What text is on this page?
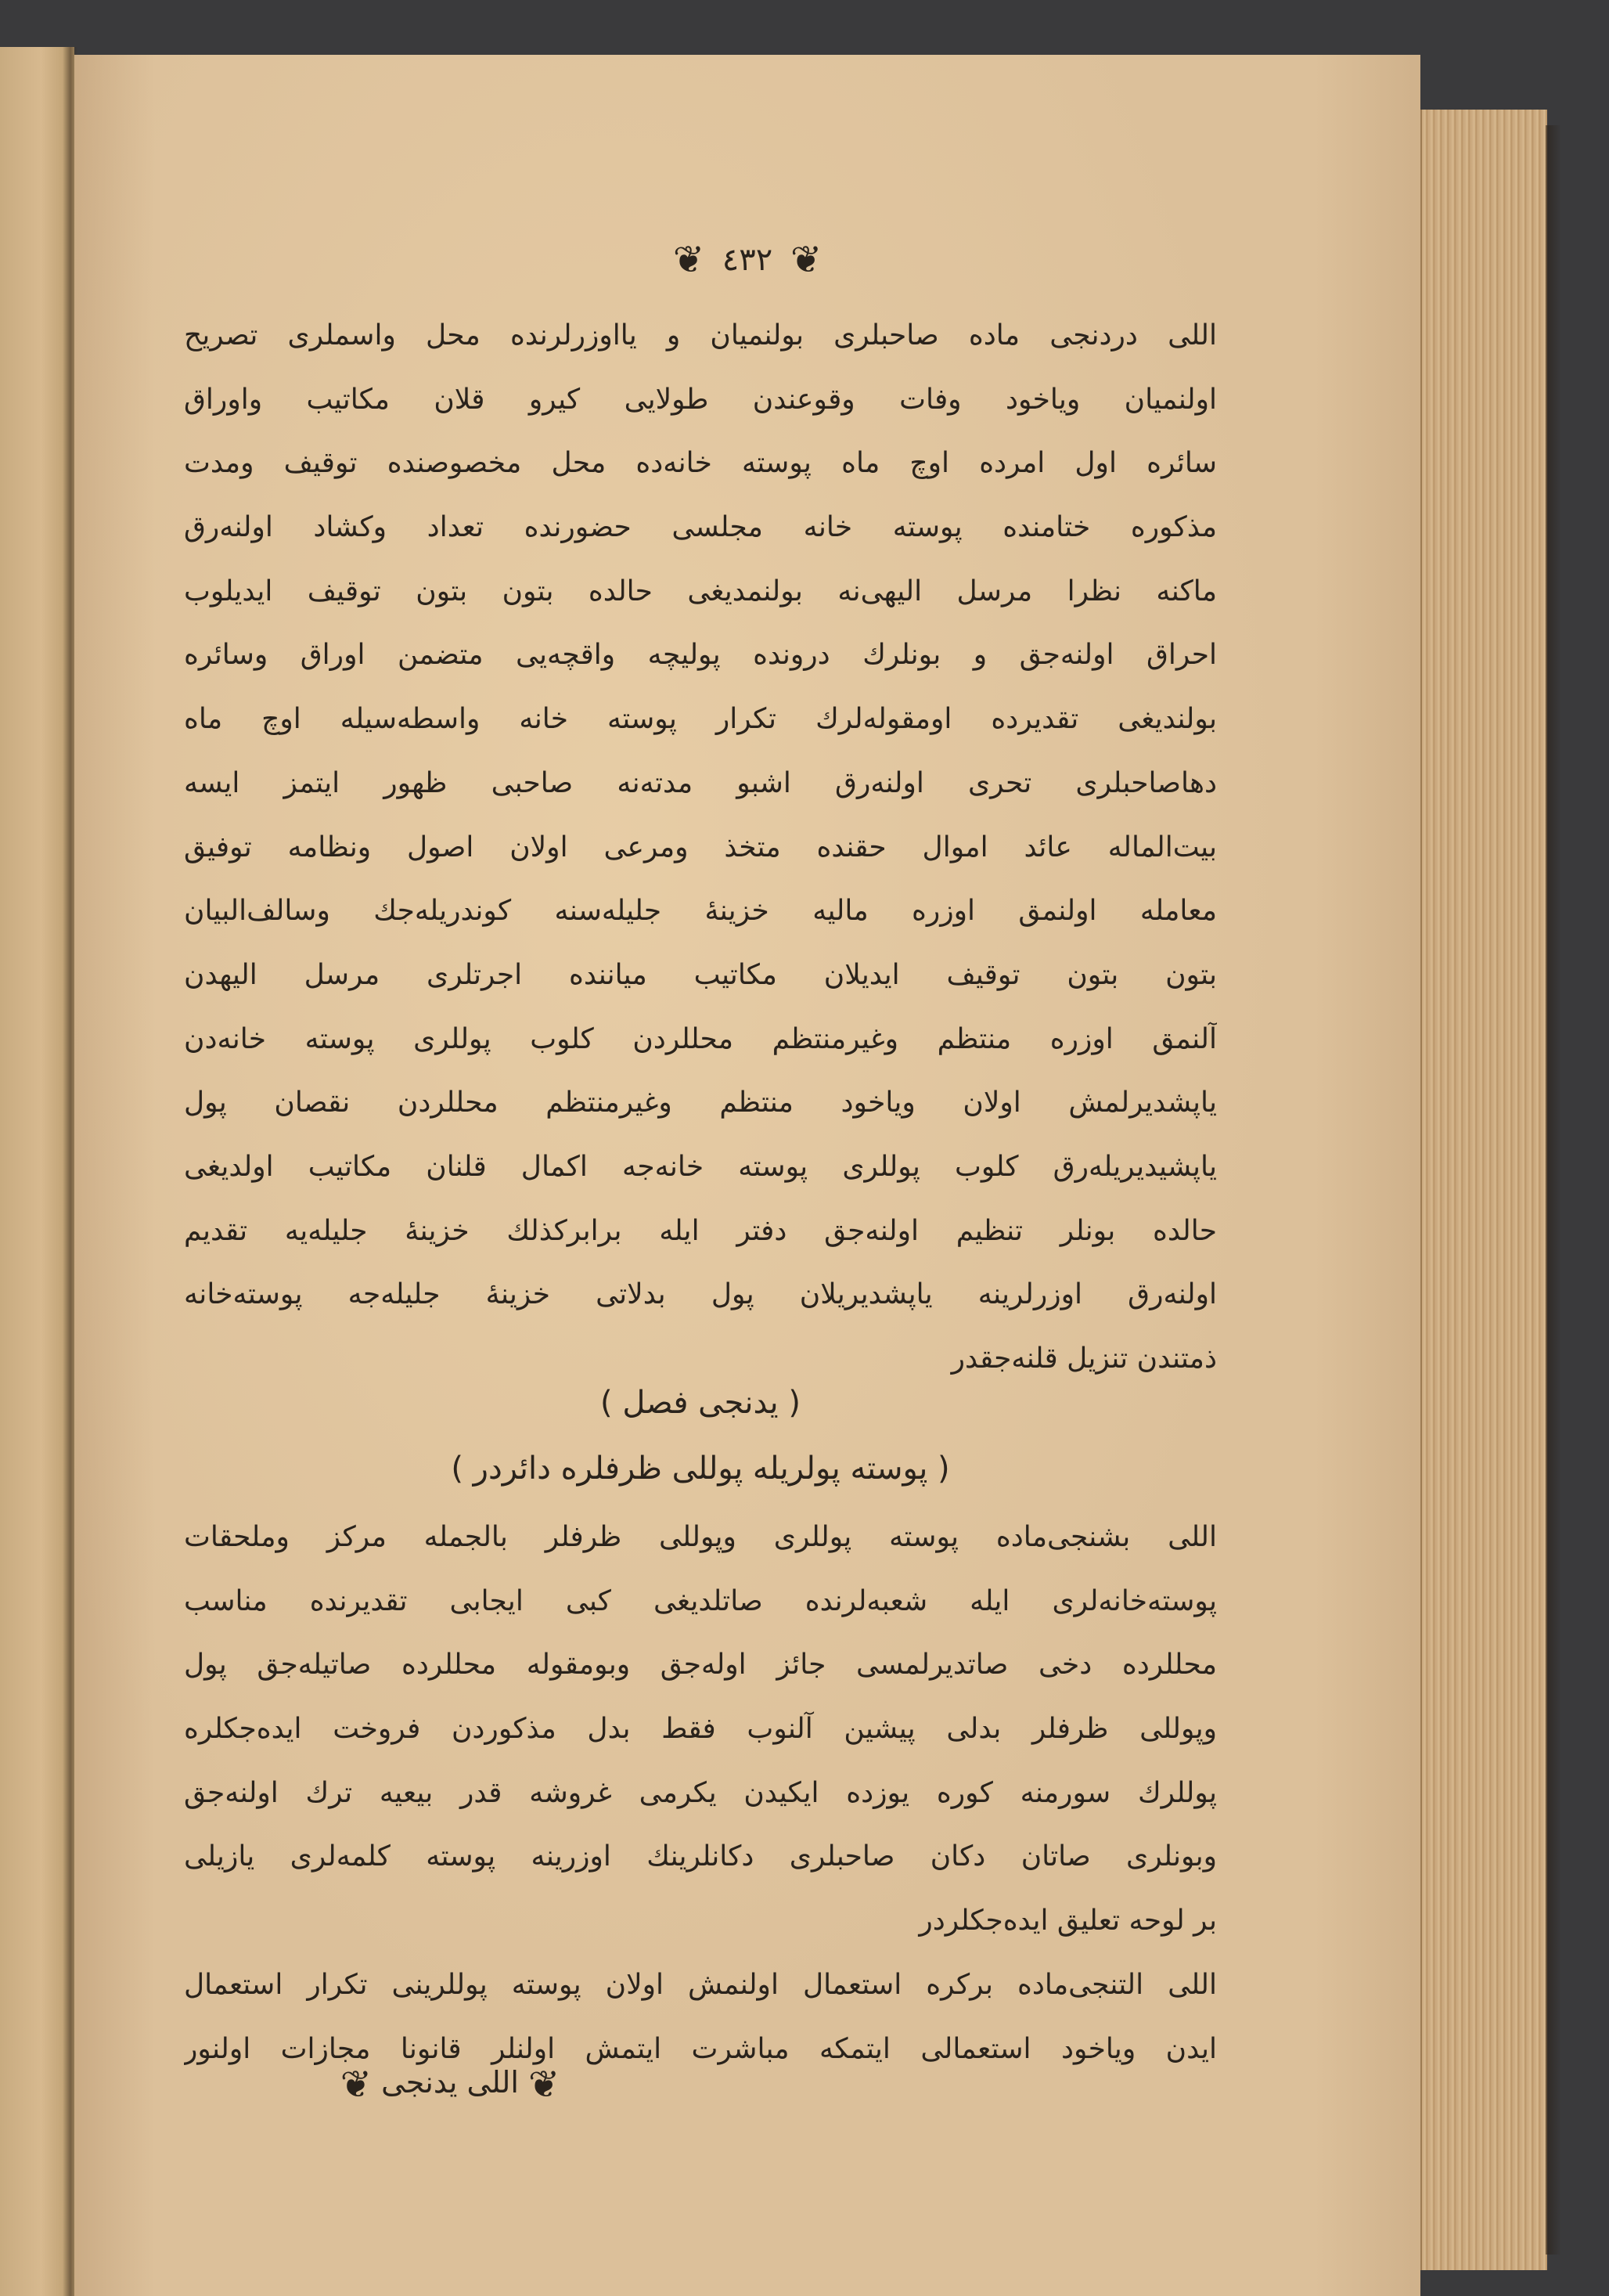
❦ ٤٣٢ ❦
اللی دردنجی ماده صاحبلری بولنمیان و یااوزرلرنده محل واسملری تصریح
اولنمیان ویاخود وفات وقوعندن طولایی کیرو قلان مکاتیب واوراق
سائره اول امرده اوچ ماه پوسته خانه‌ده محل مخصوصنده توقیف ومدت
مذکوره ختامنده پوسته خانه مجلسی حضورنده تعداد وکشاد اولنه‌رق
ماکنه نظرا مرسل الیهی‌نه بولنمدیغی حالده بتون بتون توقیف ایدیلوب
احراق اولنه‌جق و بونلرك درونده پولیچه واقچه‌یی متضمن اوراق وسائره
بولندیغی تقدیرده اومقوله‌لرك تکرار پوسته خانه واسطه‌سیله اوچ ماه
دهاصاحبلری تحری اولنه‌رق اشبو مدته‌نه صاحبی ظهور ایتمز ایسه
بیت‌الماله عائد اموال حقنده متخذ ومرعی اولان اصول ونظامه توفیق
معامله اولنمق اوزره مالیه خزینهٔ جلیله‌سنه کوندریله‌جك وسالف‌البیان
بتون بتون توقیف ایدیلان مکاتیب میاننده اجرتلری مرسل الیهدن
آلنمق اوزره منتظم وغیرمنتظم محللردن کلوب پوللری پوسته خانه‌دن
یاپشدیرلمش اولان ویاخود منتظم وغیرمنتظم محللردن نقصان پول
یاپشیدیریله‌رق کلوب پوللری پوسته خانه‌جه اکمال قلنان مکاتیب اولدیغی
حالده بونلر تنظیم اولنه‌جق دفتر ایله برابرکذلك خزینهٔ جلیله‌یه تقدیم
اولنه‌رق اوزرلرینه یاپشدیریلان پول بدلاتی خزینهٔ جلیله‌جه پوسته‌خانه
ذمتندن تنزیل قلنه‌جقدر
( یدنجی فصل )
( پوسته پولریله پوللی ظرفلره دائردر )
اللی بشنجی‌ماده پوسته پوللری وپوللی ظرفلر بالجمله مرکز وملحقات
پوسته‌خانه‌لری ایله شعبه‌لرنده صاتلدیغی کبی ایجابی تقدیرنده مناسب
محللرده دخی صاتدیرلمسی جائز اوله‌جق وبومقوله محللرده صاتیله‌جق پول
وپوللی ظرفلر بدلی پیشین آلنوب فقط بدل مذکوردن فروخت ایده‌جکلره
پوللرك سورمنه کوره یوزده ایکیدن یکرمی غروشه قدر بیعیه ترك اولنه‌جق
وبونلری صاتان دکان صاحبلری دکانلرینك اوزرینه پوسته کلمه‌لری یازیلی
بر لوحه تعلیق ایده‌جکلردر
اللی التنجی‌ماده برکره استعمال اولنمش اولان پوسته پوللرینی تکرار استعمال
ایدن ویاخود استعمالی ایتمکه مباشرت ایتمش اولنلر قانونا مجازات اولنور
❦ اللی یدنجی ❦
